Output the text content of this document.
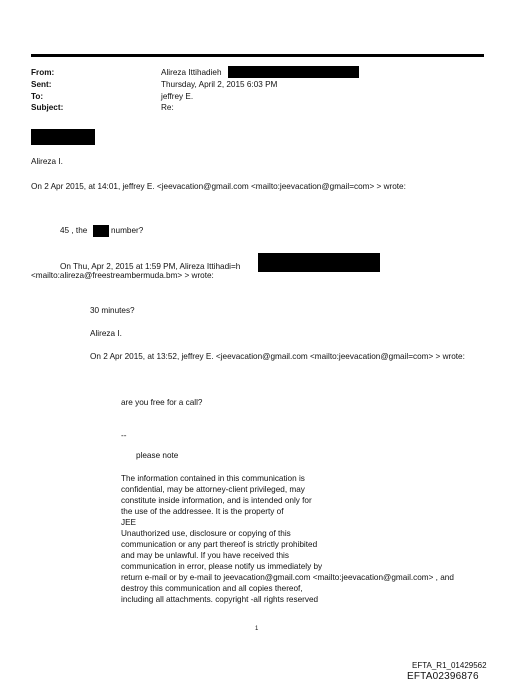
From:
Sent:
To:
Subject:
Alireza Ittihadieh
Thursday, April 2, 2015 6:03 PM
jeffrey E.
Re:
Alireza I.
On 2 Apr 2015, at 14:01, jeffrey E. <jeevacation@gmail.com <mailto:jeevacation@gmail=com> > wrote:
45 , the	number?
On Thu, Apr 2, 2015 at 1:59 PM, Alireza Ittihadi=h
<mailto:alireza@freestreambermuda.bm> > wrote:
30 minutes?
Alireza I.
On 2 Apr 2015, at 13:52, jeffrey E. <jeevacation@gmail.com <mailto:jeevacation@gmail=com> > wrote:
are you free for a call?
--
please note
The information contained in this communication is
confidential, may be attorney-client privileged, may
constitute inside information, and is intended only for
the use of the addressee. It is the property of
JEE
Unauthorized use, disclosure or copying of this
communication or any part thereof is strictly prohibited
and may be unlawful. If you have received this
communication in error, please notify us immediately by
return e-mail or by e-mail to jeevacation@gmail.com <mailto:jeevacation@gmail.com> , and
destroy this communication and all copies thereof,
including all attachments. copyright -all rights reserved
1
EFTA_R1_01429562
EFTA02396876
